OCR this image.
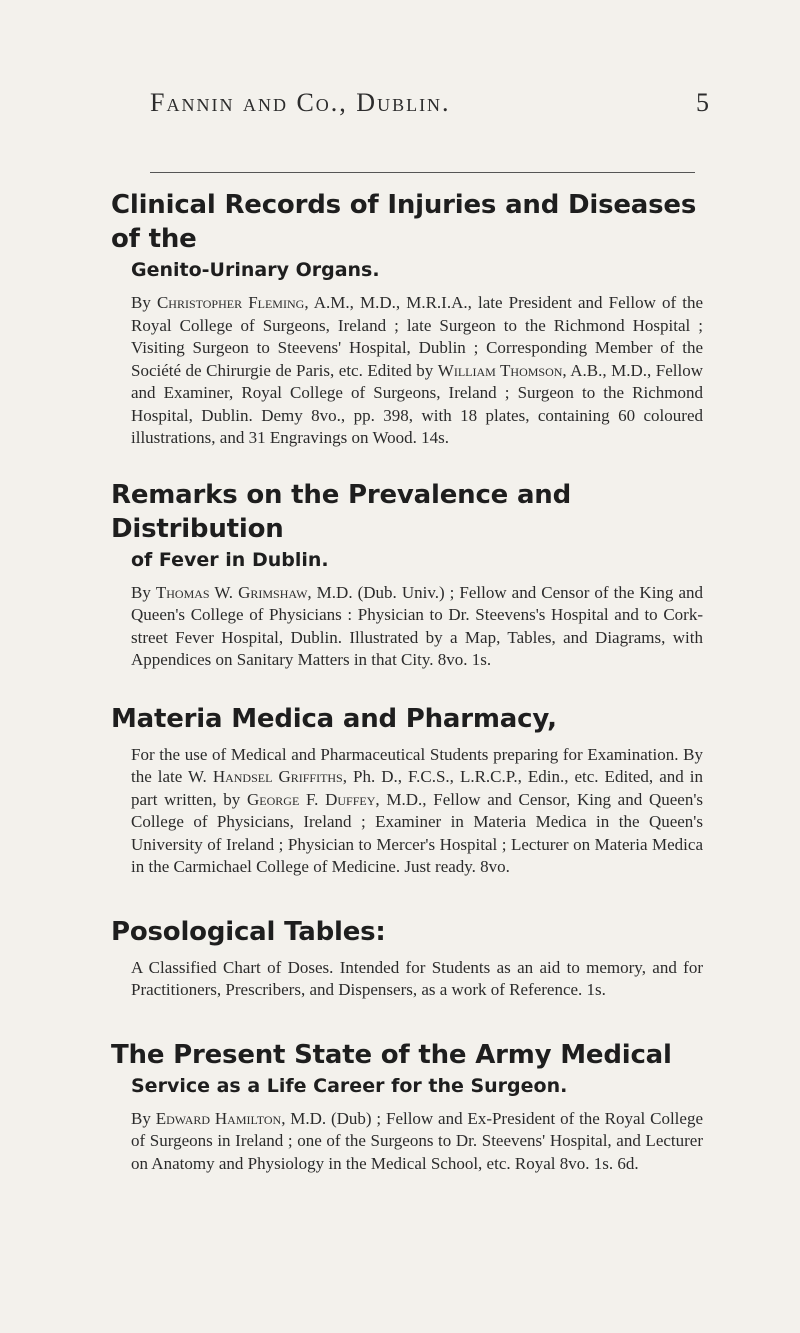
Fannin and Co., Dublin.	5
Clinical Records of Injuries and Diseases of the
Genito-Urinary Organs.
By Christopher Fleming, A.M., M.D., M.R.I.A., late President and Fellow of the Royal College of Surgeons, Ireland ; late Surgeon to the Richmond Hospital ; Visiting Surgeon to Steevens' Hospital, Dublin ; Corresponding Member of the Société de Chirurgie de Paris, etc. Edited by William Thomson, A.B., M.D., Fellow and Examiner, Royal College of Surgeons, Ireland ; Surgeon to the Richmond Hospital, Dublin. Demy 8vo., pp. 398, with 18 plates, containing 60 coloured illustrations, and 31 Engravings on Wood. 14s.
Remarks on the Prevalence and Distribution
of Fever in Dublin.
By Thomas W. Grimshaw, M.D. (Dub. Univ.) ; Fellow and Censor of the King and Queen's College of Physicians : Physician to Dr. Steevens's Hospital and to Cork-street Fever Hospital, Dublin. Illustrated by a Map, Tables, and Diagrams, with Appendices on Sanitary Matters in that City. 8vo. 1s.
Materia Medica and Pharmacy,
For the use of Medical and Pharmaceutical Students preparing for Examination. By the late W. Handsel Griffiths, Ph. D., F.C.S., L.R.C.P., Edin., etc. Edited, and in part written, by George F. Duffey, M.D., Fellow and Censor, King and Queen's College of Physicians, Ireland ; Examiner in Materia Medica in the Queen's University of Ireland ; Physician to Mercer's Hospital ; Lecturer on Materia Medica in the Carmichael College of Medicine. Just ready. 8vo.
Posological Tables:
A Classified Chart of Doses. Intended for Students as an aid to memory, and for Practitioners, Prescribers, and Dispensers, as a work of Reference. 1s.
The Present State of the Army Medical
Service as a Life Career for the Surgeon.
By Edward Hamilton, M.D. (Dub) ; Fellow and Ex-President of the Royal College of Surgeons in Ireland ; one of the Surgeons to Dr. Steevens' Hospital, and Lecturer on Anatomy and Physiology in the Medical School, etc. Royal 8vo. 1s. 6d.
